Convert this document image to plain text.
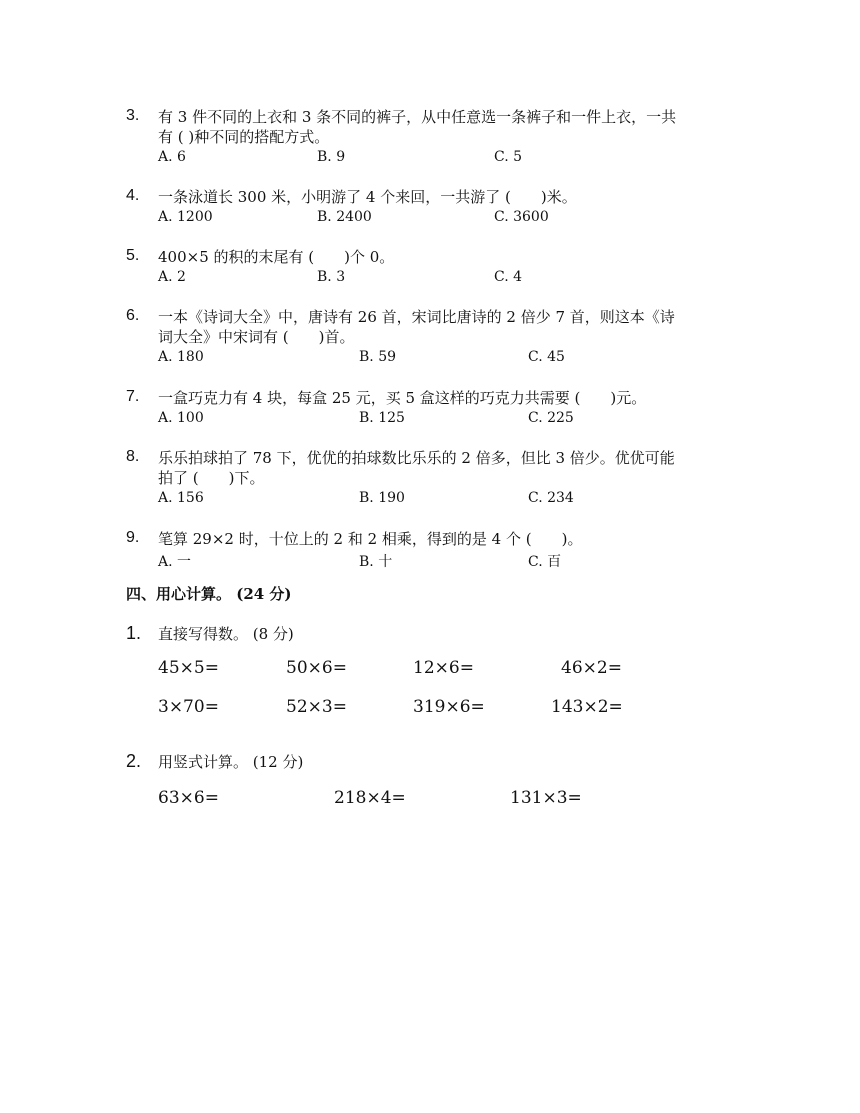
3. 有 3 件不同的上衣和 3 条不同的裤子，从中任意选一条裤子和一件上衣，一共
有 ( )种不同的搭配方式。
A. 6	B. 9	C. 5
4. 一条泳道长 300 米，小明游了 4 个来回，一共游了 (　　)米。
A. 1200	B. 2400	C. 3600
5. 400×5 的积的末尾有 (　　)个 0。
A. 2	B. 3	C. 4
6. 一本《诗词大全》中，唐诗有 26 首，宋词比唐诗的 2 倍少 7 首，则这本《诗
词大全》中宋词有 (　　)首。
A. 180	B. 59	C. 45
7. 一盒巧克力有 4 块，每盒 25 元，买 5 盒这样的巧克力共需要 (　　)元。
A. 100	B. 125	C. 225
8. 乐乐拍球拍了 78 下，优优的拍球数比乐乐的 2 倍多，但比 3 倍少。优优可能
拍了 (　　)下。
A. 156	B. 190	C. 234
9. 笔算 29×2 时，十位上的 2 和 2 相乘，得到的是 4 个 (　　)。
A. 一	B. 十	C. 百
四、用心计算。 (24 分)
1. 直接写得数。 (8 分)
45×5=	50×6=	12×6=	46×2=
3×70=	52×3=	319×6=	143×2=
2. 用竖式计算。 (12 分)
63×6=	218×4=	131×3=
